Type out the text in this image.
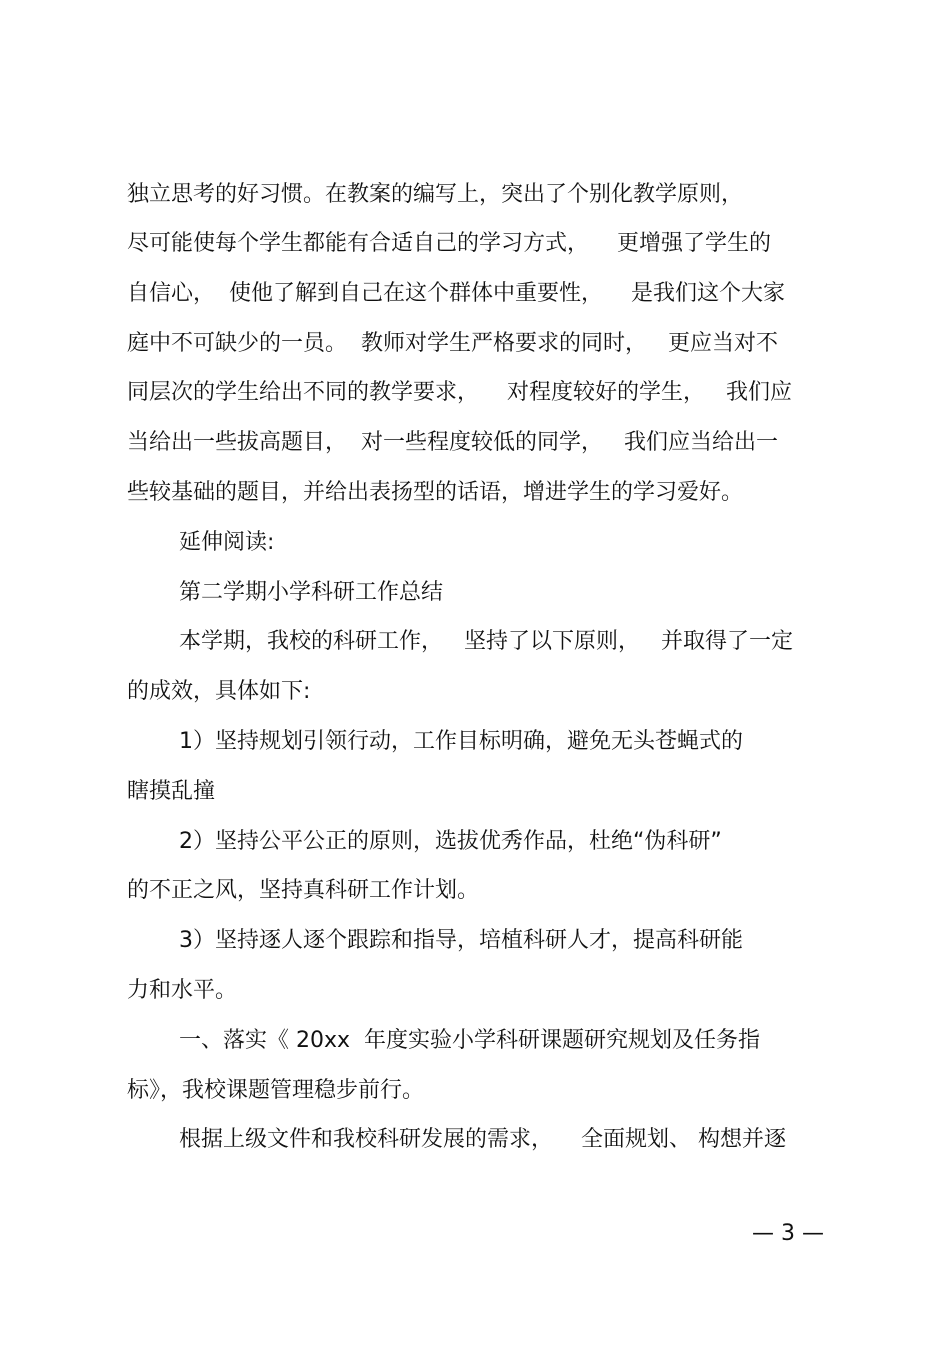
独立思考的好习惯。在教案的编写上，突出了个别化教学原则，
尽可能使每个学生都能有合适自己的学习方式，    更增强了学生的
自信心，  使他了解到自己在这个群体中重要性，    是我们这个大家
庭中不可缺少的一员。  教师对学生严格要求的同时，   更应当对不
同层次的学生给出不同的教学要求，    对程度较好的学生，   我们应
当给出一些拔高题目，  对一些程度较低的同学，   我们应当给出一
些较基础的题目，并给出表扬型的话语，增进学生的学习爱好。
延伸阅读:
第二学期小学科研工作总结
本学期，我校的科研工作，   坚持了以下原则，   并取得了一定
的成效，具体如下:
1）坚持规划引领行动，工作目标明确，避免无头苍蝇式的
瞎摸乱撞
2）坚持公平公正的原则，选拔优秀作品，杜绝“伪科研”
的不正之风，坚持真科研工作计划。
3）坚持逐人逐个跟踪和指导，培植科研人才，提高科研能
力和水平。
一、落实《 20xx  年度实验小学科研课题研究规划及任务指
标》，我校课题管理稳步前行。
根据上级文件和我校科研发展的需求，    全面规划、 构想并逐
— 3 —
